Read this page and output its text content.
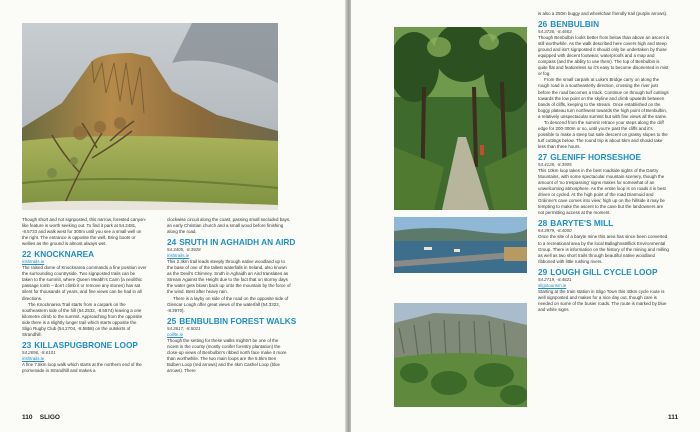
Though short and not signposted, this narrow, forested canyon-like feature is worth seeking out. To find it park at 54.2481, -8.5733 and walk west for 300m until you see a small well on the right. The entrance is opposite the well. Bring boots or wellies as the ground is almost always wet.

22 KNOCKNAREA

irishtrails.ie

The raised dome of Knocknarea commands a fine position over the surrounding countryside. Two signposted trails can be taken to the summit, where Queen Meabh's Cairn (a neolithic passage tomb – don't climb it or remove any stones) has sat silent for thousands of years, and fine views can be had in all directions.

The Knocknarea Trail starts from a carpark on the southeastern side of the hill (54.2532, -8.5574) leaving a one kilometre climb to the summit. Approaching from the opposite side there is a slightly longer trail which starts opposite the Sligo Rugby Club (54.2704, -8.5858) on the outskirts of Strandhill.

23 KILLASPUGBRONE LOOP

54.2696, -8.6101

irishtrails.ie

A fine 7.5km loop walk which starts at the northern end of the promenade in Strandhill and makes a

clockwise circuit along the coast, passing small secluded bays, an early Christian church and a small wood before finishing along the road.

24 SRUTH IN AGHAIDH AN AIRD

54.3405, -8.3928

irishtrails.ie

This 2.3km trail leads steeply through native woodland up to the base of one of the tallest waterfalls in Ireland, also known as the Devil's Chimney. Sruth in Aghaidh an Aird translates as Stream Against the Height due to the fact that on stormy days the water gets blown back up onto the mountain by the force of the wind. Best after heavy rain.

There is a layby on side of the road on the opposite side of Glencar Lough offer great views of the waterfall (54.3322, -8.3970).

25 BENBULBIN FOREST WALKS

54.3617, -8.5021

coillte.ie

Though the setting for these walks mightn't be one of the nicest in the county (mostly conifer forestry plantation) the close-up views of Benbulbin's ribbed north face make it more than worthwhile. The two main loops are the 5.5km Ben Bulben Loop (red arrows) and the 4km Cashel Loop (blue arrows). There

110 SLIGO

is also a 250m buggy and wheelchair friendly trail (purple arrows).

26 BENBULBIN

54.3736, -8.4663

Though Benbulbin looks better from below than above an ascent is still worthwhile. As the walk described here covers high and steep ground and isn't signposted it should only be undertaken by those equipped with decent footwear, waterproofs and a map and compass (and the ability to use them). The top of Benbulbin is quite flat and featureless so it's easy to become disoriented in mist or fog.

From the small carpark at Luke's Bridge carry on along the rough road in a southeasterly direction, crossing the river just before the road becomes a track. Continue on through turf cuttings towards the low point on the skyline and climb upwards between bands of cliffs, keeping to the stream. Once established on the boggy plateau turn northwest towards the high point of Benbulbin, a relatively unspectacular summit but with fine views all the same.

To descend from the summit retrace your steps along the cliff edge for 200-300m or so, until you're past the cliffs and it's possible to make a steep but safe descent on grassy slopes to the turf cuttings below. The round trip is about 5km and should take less than three hours.

27 GLENIFF HORSESHOE

54.4128, -8.3905

This 10km loop takes in the best roadside sights of the Dartry Mountains, with some spectacular mountain scenery, though the amount of 'no trespassing' signs makes for somewhat of an unwelcoming atmosphere. As the entire loop is on roads it is best driven or cycled. At the high point of the road Diarmuid and Gráinne's cave comes into view; high up on the hillside it may be tempting to make the ascent to the cave but the landowners are not permitting access at the moment.

28 BARYTE'S MILL

54.3979, -8.4000

Once the site of a baryte mine this area has since been converted to a recreational area by the local Ballaghnatrillick Environmental Group. There is information on the history of the mining and milling as well as two short trails through beautiful native woodland ribboned with little rushing rivers.

29 LOUGH GILL CYCLE LOOP

54.2719, -8.4821

sligotourism.ie

Starting at the train station in Sligo Town this 40km cycle route is well signposted and makes for a nice day out, though care is needed on some of the busier roads. The route is marked by blue and white signs

111
